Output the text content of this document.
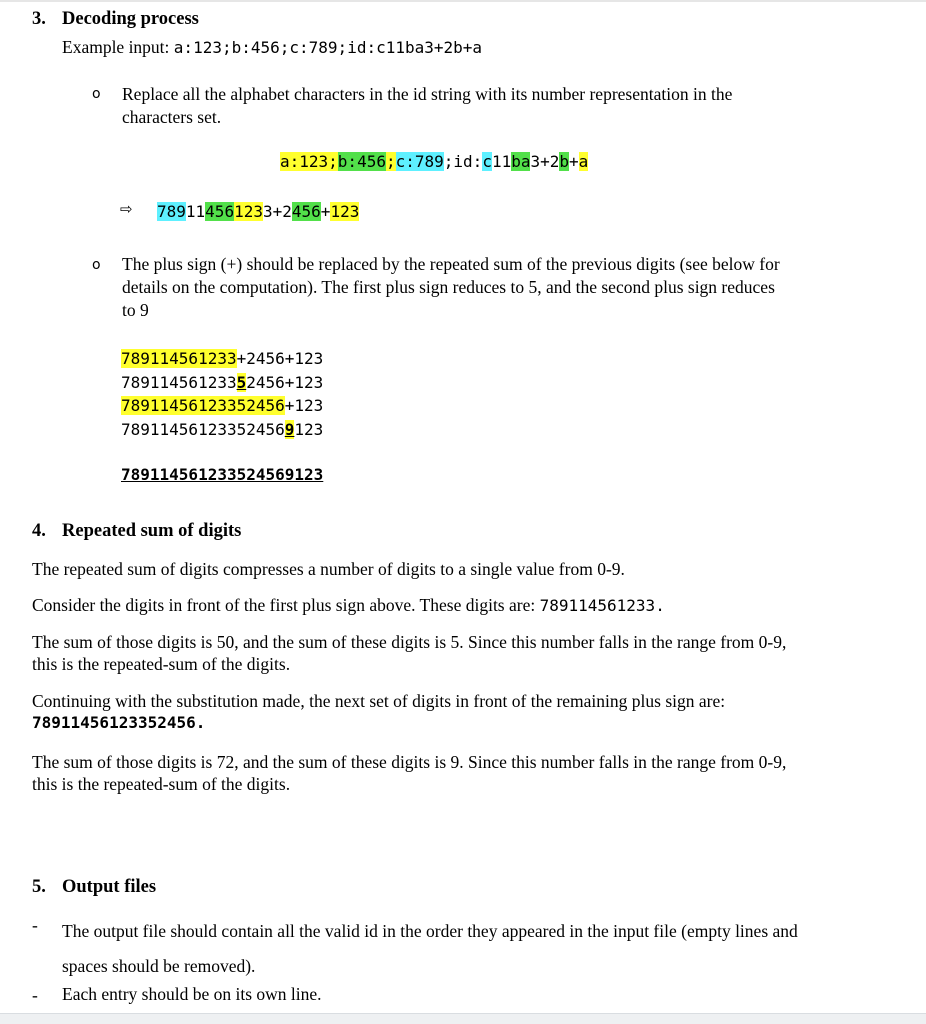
3. Decoding process
Example input: a:123;b:456;c:789;id:c11ba3+2b+a
o Replace all the alphabet characters in the id string with its number representation in the
characters set.
a:123;b:456;c:789;id:c11ba3+2b+a
⇨ 789114561233+2456+123
o The plus sign (+) should be replaced by the repeated sum of the previous digits (see below for
details on the computation). The first plus sign reduces to 5, and the second plus sign reduces
to 9
789114561233+2456+123
78911456123352456+123
78911456123352456+123
789114561233524569123
789114561233524569123
4. Repeated sum of digits
The repeated sum of digits compresses a number of digits to a single value from 0-9.
Consider the digits in front of the first plus sign above. These digits are: 789114561233.
The sum of those digits is 50, and the sum of these digits is 5. Since this number falls in the range from 0-9,
this is the repeated-sum of the digits.
Continuing with the substitution made, the next set of digits in front of the remaining plus sign are:
78911456123352456.
The sum of those digits is 72, and the sum of these digits is 9. Since this number falls in the range from 0-9,
this is the repeated-sum of the digits.
5. Output files
- The output file should contain all the valid id in the order they appeared in the input file (empty lines and
spaces should be removed).
- Each entry should be on its own line.
